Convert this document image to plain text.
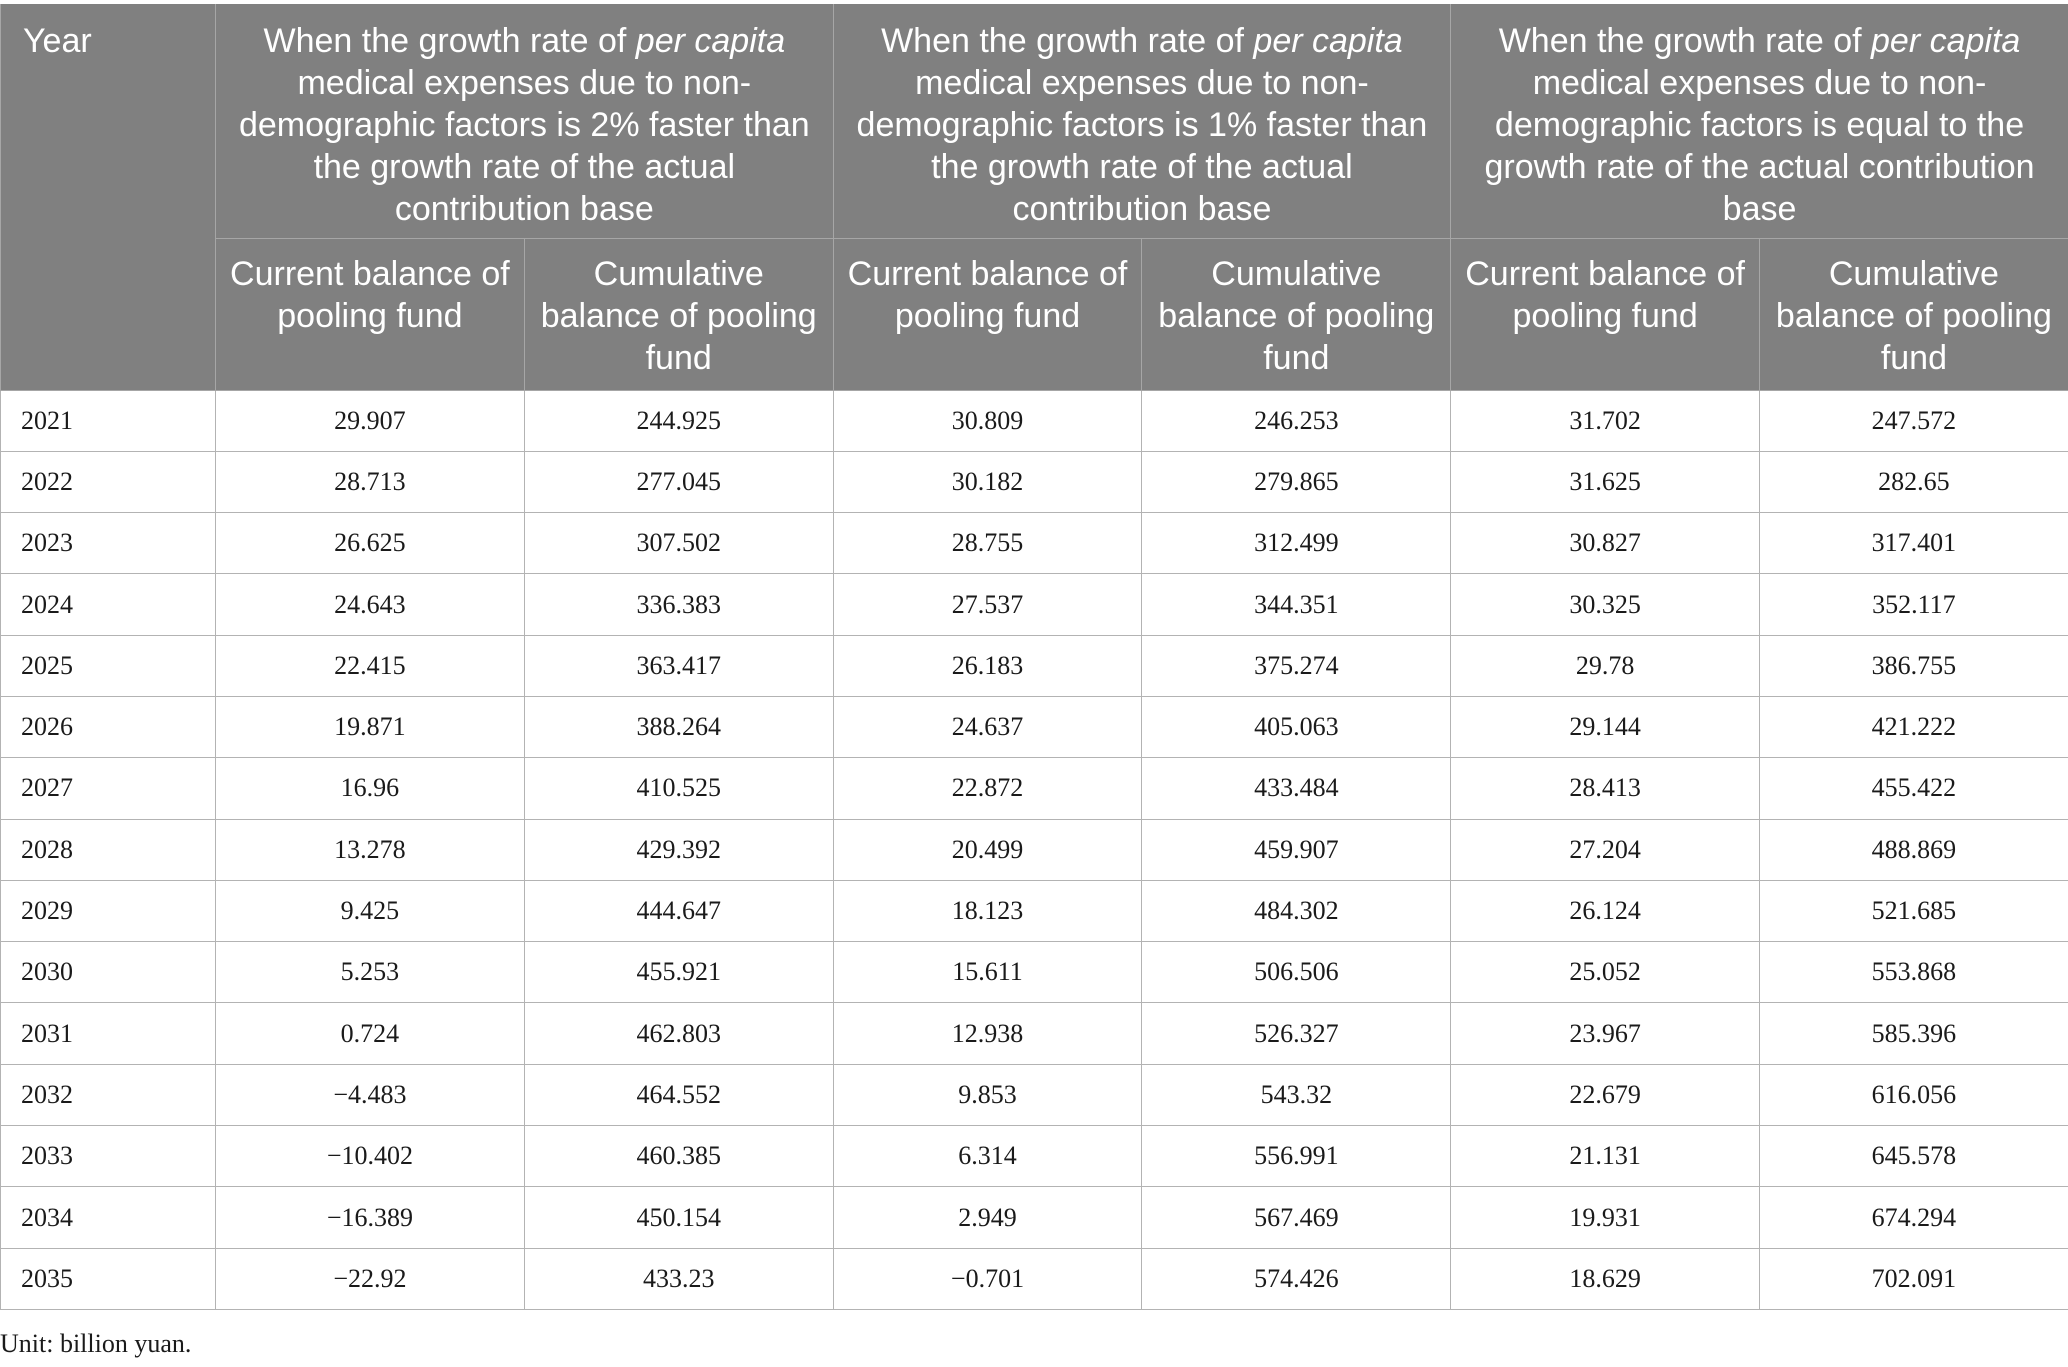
Year	When the growth rate of per capita medical expenses due to non-demographic factors is 2% faster than the growth rate of the actual contribution base		When the growth rate of per capita medical expenses due to non-demographic factors is 1% faster than the growth rate of the actual contribution base		When the growth rate of per capita medical expenses due to non-demographic factors is equal to the growth rate of the actual contribution base	
	Current balance of pooling fund	Cumulative balance of pooling fund	Current balance of pooling fund	Cumulative balance of pooling fund	Current balance of pooling fund	Cumulative balance of pooling fund
2021	29.907	244.925	30.809	246.253	31.702	247.572
2022	28.713	277.045	30.182	279.865	31.625	282.65
2023	26.625	307.502	28.755	312.499	30.827	317.401
2024	24.643	336.383	27.537	344.351	30.325	352.117
2025	22.415	363.417	26.183	375.274	29.78	386.755
2026	19.871	388.264	24.637	405.063	29.144	421.222
2027	16.96	410.525	22.872	433.484	28.413	455.422
2028	13.278	429.392	20.499	459.907	27.204	488.869
2029	9.425	444.647	18.123	484.302	26.124	521.685
2030	5.253	455.921	15.611	506.506	25.052	553.868
2031	0.724	462.803	12.938	526.327	23.967	585.396
2032	−4.483	464.552	9.853	543.32	22.679	616.056
2033	−10.402	460.385	6.314	556.991	21.131	645.578
2034	−16.389	450.154	2.949	567.469	19.931	674.294
2035	−22.92	433.23	−0.701	574.426	18.629	702.091

Unit: billion yuan.
